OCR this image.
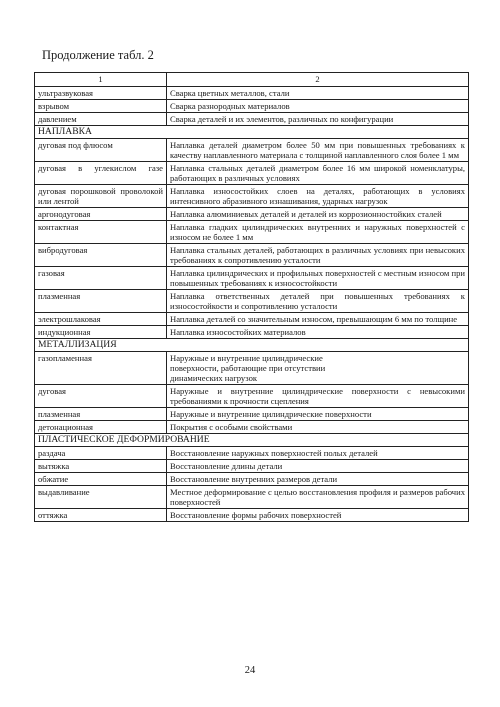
Продолжение табл. 2
1	2
ультразвуковая	Сварка цветных металлов, стали
взрывом	Сварка разнородных материалов
давлением	Сварка деталей и их элементов, различных по конфигурации
НАПЛАВКА	
дуговая под флюсом	Наплавка деталей диаметром более 50 мм при повышенных требованиях к качеству наплавленного материала с толщиной наплавленного слоя более 1 мм
дуговая в углекислом газе	Наплавка стальных деталей диаметром более 16 мм широкой номенклатуры, работающих в различных условиях
дуговая порошковой проволокой или лентой	Наплавка износостойких слоев на деталях, работающих в условиях интенсивного абразивного изнашивания, ударных нагрузок
аргонодуговая	Наплавка алюминиевых деталей и деталей из коррозионностойких сталей
контактная	Наплавка гладких цилиндрических внутренних и наружных поверхностей с износом не более 1 мм
вибродуговая	Наплавка стальных деталей, работающих в различных условиях при невысоких требованиях к сопротивлению усталости
газовая	Наплавка цилиндрических и профильных поверхностей с местным износом при повышенных требованиях к износостойкости
плазменная	Наплавка ответственных деталей при повышенных требованиях к износостойкости и сопротивлению усталости
электрошлаковая	Наплавка деталей со значительным износом, превышающим 6 мм по толщине
индукционная	Наплавка износостойких материалов
МЕТАЛЛИЗАЦИЯ	
газопламенная	Наружные и внутренние цилиндрические поверхности, работающие при отсутствии динамических нагрузок
дуговая	Наружные и внутренние цилиндрические поверхности с невысокими требованиями к прочности сцепления
плазменная	Наружные и внутренние цилиндрические поверхности
детонационная	Покрытия с особыми свойствами
ПЛАСТИЧЕСКОЕ ДЕФОРМИРОВАНИЕ	
раздача	Восстановление наружных поверхностей полых деталей
вытяжка	Восстановление длины детали
обжатие	Восстановление внутренних размеров детали
выдавливание	Местное деформирование с целью восстановления профиля и размеров рабочих поверхностей
оттяжка	Восстановление формы рабочих поверхностей
24
